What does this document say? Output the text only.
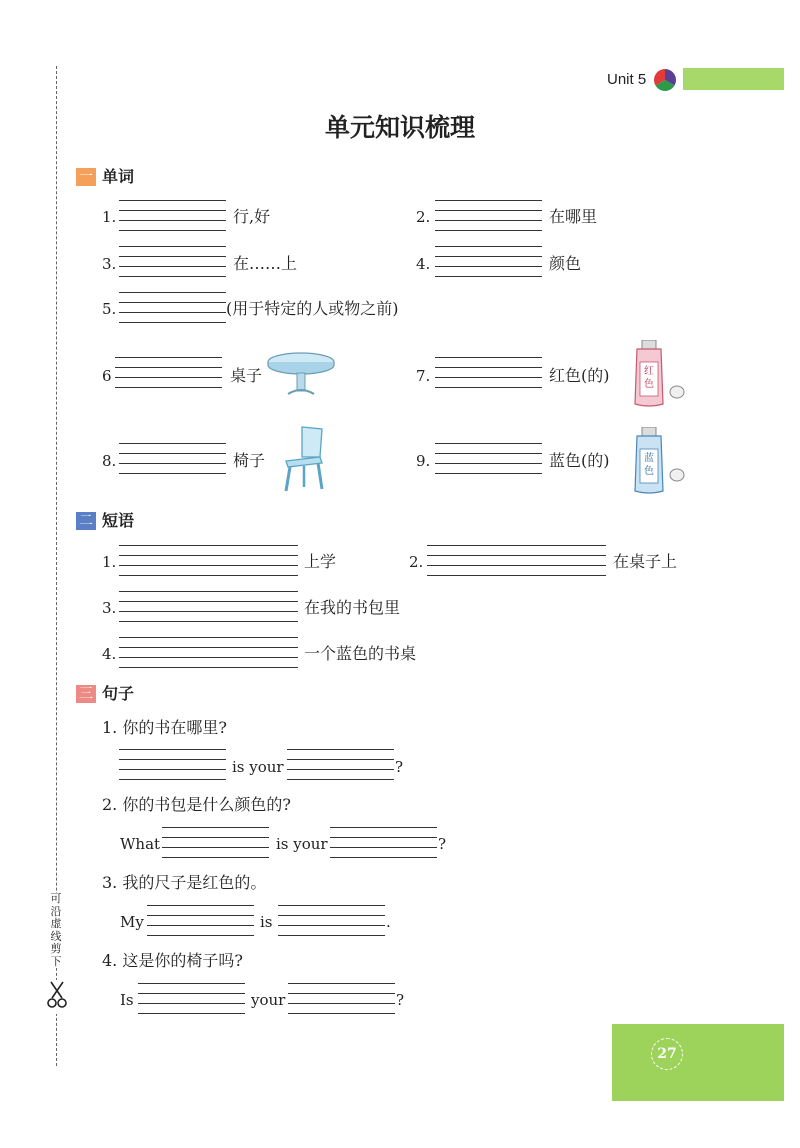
可
沿
虚
线
剪
下
Unit 5
单元知识梳理
一 单词
1.	行,好	2.	在哪里
3.	在……上	4.	颜色
5.	(用于特定的人或物之前)
6	桌子	7.	红色(的)	红色
8.	椅子	9.	蓝色(的)	蓝色
二 短语
1.	上学	2.	在桌子上
3.	在我的书包里
4.	一个蓝色的书桌
三 句子
1. 你的书在哪里?
is your	?
2. 你的书包是什么颜色的?
What	is your	?
3. 我的尺子是红色的。
My	is	.
4. 这是你的椅子吗?
Is	your	?
27
